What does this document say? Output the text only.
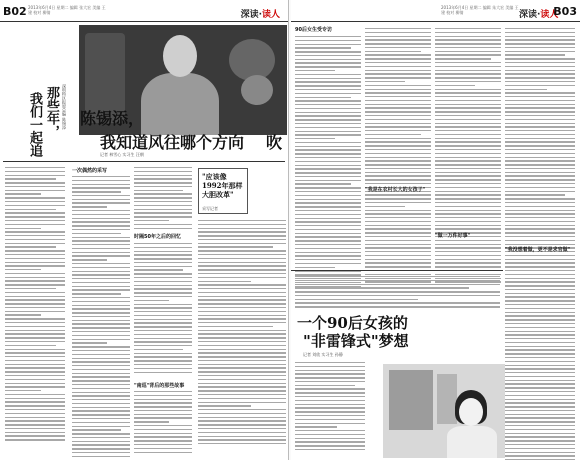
B02 2013年6月4日 星期二 编辑 张大宏 美编 王建 校对 柳倩	深读·读人
那些年，
我们一起追	深圳特区报原总编 陈锡添 陈锡添，
我知道风往哪个方向 吹
记者 林雪心 实习生 汪朝
一次偶然的采写
时隔50年之后的回忆
"南巡"背后的那些故事
"应该像1992年那样大胆改革"
采写记者
2013年6月4日 星期二 编辑 朱大宏 美编 王建 校对 柳倩	深读·读人
B03
90后女生受专访
"我是在农村长大的女孩子"
"做一万件好事"
"我没想着做，更不是求官做"
一个90后女孩的
"非雷锋式"梦想
记者 刘欣 实习生 孙静
